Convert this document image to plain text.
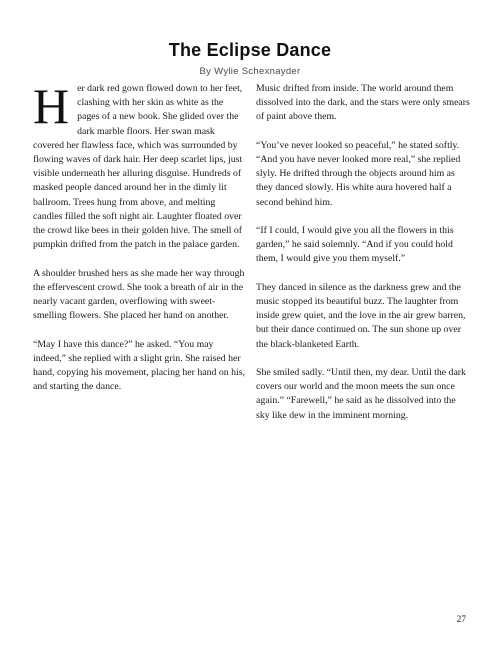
The Eclipse Dance
By Wylie Schexnayder

Her dark red gown flowed down to her feet, clashing with her skin as white as the pages of a new book. She glided over the dark marble floors. Her swan mask covered her flawless face, which was surrounded by flowing waves of dark hair. Her deep scarlet lips, just visible underneath her alluring disguise. Hundreds of masked people danced around her in the dimly lit ballroom. Trees hung from above, and melting candles filled the soft night air. Laughter floated over the crowd like bees in their golden hive. The smell of pumpkin drifted from the patch in the palace garden.

A shoulder brushed hers as she made her way through the effervescent crowd. She took a breath of air in the nearly vacant garden, overflowing with sweet-smelling flowers. She placed her hand on another.

“May I have this dance?” he asked. “You may indeed,” she replied with a slight grin. She raised her hand, copying his movement, placing her hand on his, and starting the dance.

Music drifted from inside. The world around them dissolved into the dark, and the stars were only smears of paint above them.

“You’ve never looked so peaceful,” he stated softly. “And you have never looked more real,” she replied slyly. He drifted through the objects around him as they danced slowly. His white aura hovered half a second behind him.

“If I could, I would give you all the flowers in this garden,” he said solemnly. “And if you could hold them, I would give you them myself.”

They danced in silence as the darkness grew and the music stopped its beautiful buzz. The laughter from inside grew quiet, and the love in the air grew barren, but their dance continued on. The sun shone up over the black-blanketed Earth.

She smiled sadly. “Until then, my dear. Until the dark covers our world and the moon meets the sun once again.” “Farewell,” he said as he dissolved into the sky like dew in the imminent morning.

27
